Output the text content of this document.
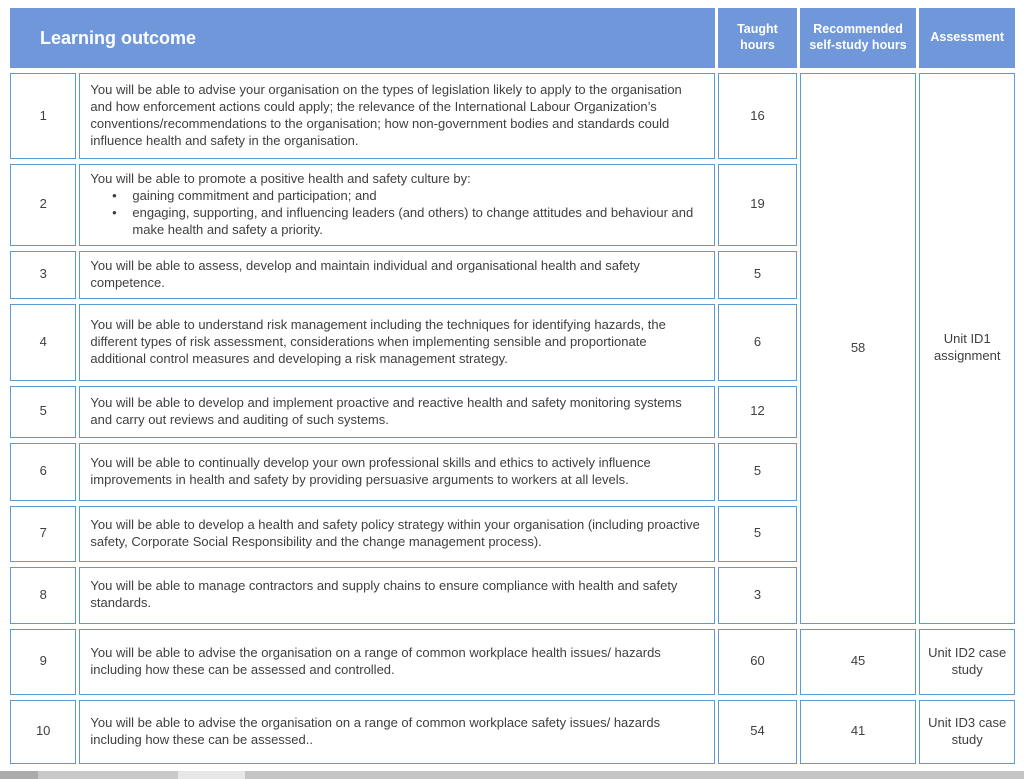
Learning outcome		Taught hours	Recommended self-study hours	Assessment
1	You will be able to advise your organisation on the types of legislation likely to apply to the organisation and how enforcement actions could apply; the relevance of the International Labour Organization’s conventions/recommendations to the organisation; how non-government bodies and standards could influence health and safety in the organisation.	16	58	Unit ID1 assignment
2	You will be able to promote a positive health and safety culture by:
• gaining commitment and participation; and
• engaging, supporting, and influencing leaders (and others) to change attitudes and behaviour and make health and safety a priority.	19		
3	You will be able to assess, develop and maintain individual and organisational health and safety competence.	5		
4	You will be able to understand risk management including the techniques for identifying hazards, the different types of risk assessment, considerations when implementing sensible and proportionate additional control measures and developing a risk management strategy.	6		
5	You will be able to develop and implement proactive and reactive health and safety monitoring systems and carry out reviews and auditing of such systems.	12		
6	You will be able to continually develop your own professional skills and ethics to actively influence improvements in health and safety by providing persuasive arguments to workers at all levels.	5		
7	You will be able to develop a health and safety policy strategy within your organisation (including proactive safety, Corporate Social Responsibility and the change management process).	5		
8	You will be able to manage contractors and supply chains to ensure compliance with health and safety standards.	3		
9	You will be able to advise the organisation on a range of common workplace health issues/ hazards including how these can be assessed and controlled.	60	45	Unit ID2 case study
10	You will be able to advise the organisation on a range of common workplace safety issues/ hazards including how these can be assessed..	54	41	Unit ID3 case study
